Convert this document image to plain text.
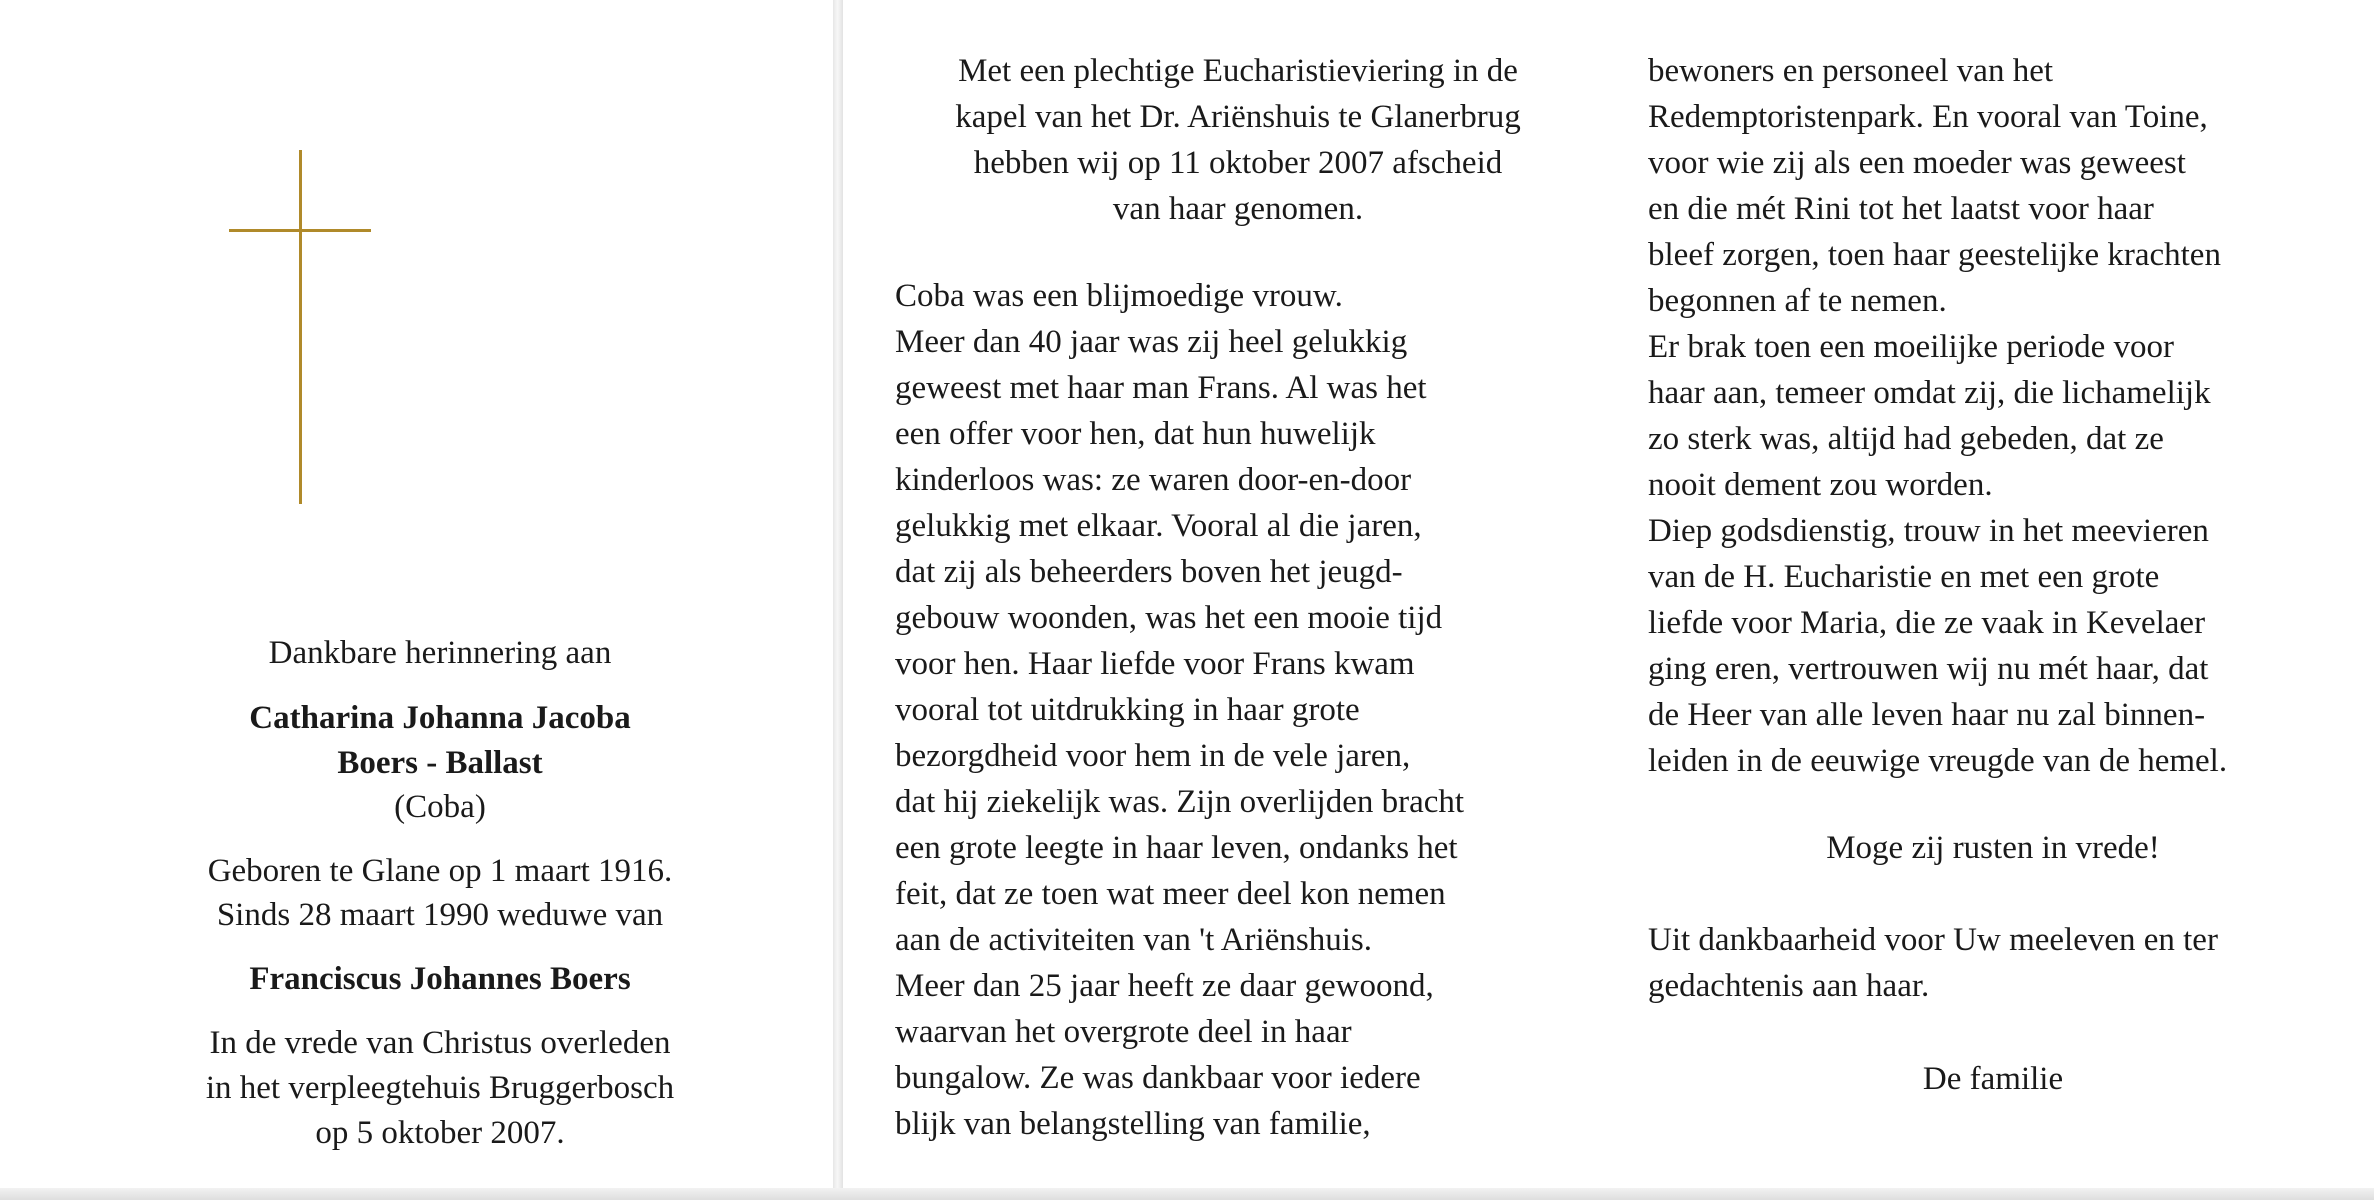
Dankbare herinnering aan
Catharina Johanna Jacoba
Boers - Ballast
(Coba)
Geboren te Glane op 1 maart 1916.
Sinds 28 maart 1990 weduwe van
Franciscus Johannes Boers
In de vrede van Christus overleden
in het verpleegtehuis Bruggerbosch
op 5 oktober 2007.
Met een plechtige Eucharistieviering in de
kapel van het Dr. Ariënshuis te Glanerbrug
hebben wij op 11 oktober 2007 afscheid
van haar genomen.
Coba was een blijmoedige vrouw.
Meer dan 40 jaar was zij heel gelukkig
geweest met haar man Frans. Al was het
een offer voor hen, dat hun huwelijk
kinderloos was: ze waren door-en-door
gelukkig met elkaar. Vooral al die jaren,
dat zij als beheerders boven het jeugd-
gebouw woonden, was het een mooie tijd
voor hen. Haar liefde voor Frans kwam
vooral tot uitdrukking in haar grote
bezorgdheid voor hem in de vele jaren,
dat hij ziekelijk was. Zijn overlijden bracht
een grote leegte in haar leven, ondanks het
feit, dat ze toen wat meer deel kon nemen
aan de activiteiten van 't Ariënshuis.
Meer dan 25 jaar heeft ze daar gewoond,
waarvan het overgrote deel in haar
bungalow. Ze was dankbaar voor iedere
blijk van belangstelling van familie,
bewoners en personeel van het
Redemptoristenpark. En vooral van Toine,
voor wie zij als een moeder was geweest
en die mét Rini tot het laatst voor haar
bleef zorgen, toen haar geestelijke krachten
begonnen af te nemen.
Er brak toen een moeilijke periode voor
haar aan, temeer omdat zij, die lichamelijk
zo sterk was, altijd had gebeden, dat ze
nooit dement zou worden.
Diep godsdienstig, trouw in het meevieren
van de H. Eucharistie en met een grote
liefde voor Maria, die ze vaak in Kevelaer
ging eren, vertrouwen wij nu mét haar, dat
de Heer van alle leven haar nu zal binnen-
leiden in de eeuwige vreugde van de hemel.
Moge zij rusten in vrede!
Uit dankbaarheid voor Uw meeleven en ter
gedachtenis aan haar.
De familie
